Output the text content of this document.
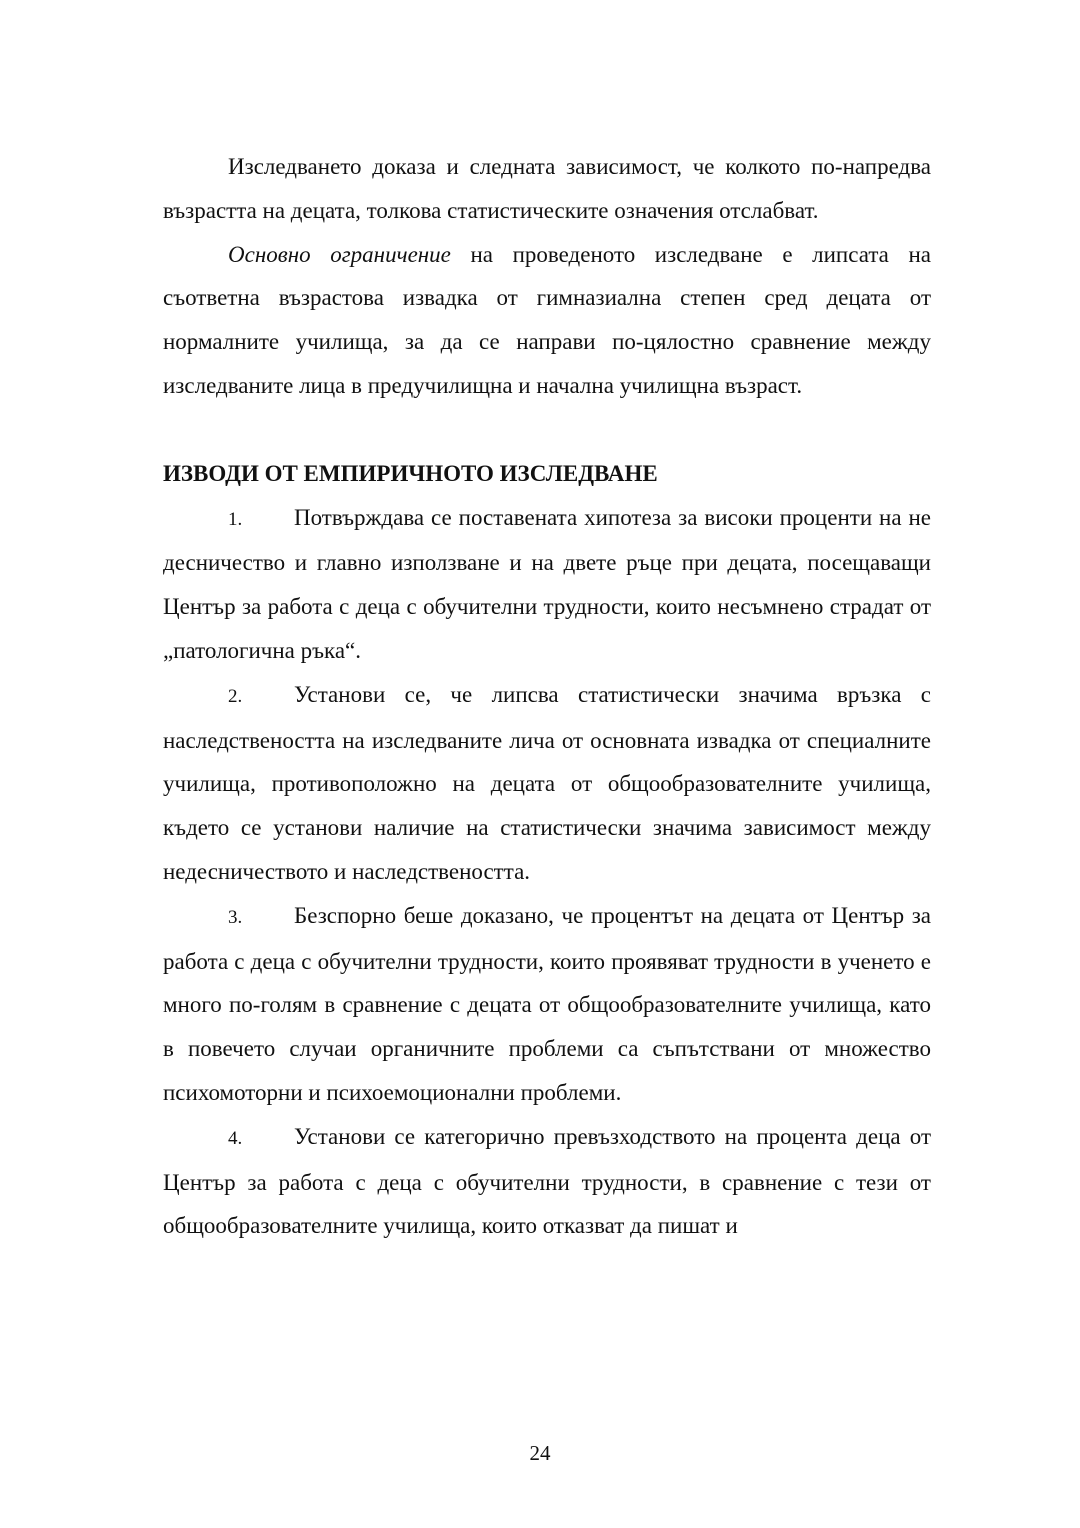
Изследването доказа и следната зависимост, че колкото по-напредва възрастта на децата, толкова статистическите означения отслабват.

Основно ограничение на проведеното изследване е липсата на съответна възрастова извадка от гимназиална степен сред децата от нормалните училища, за да се направи по-цялостно сравнение между изследваните лица в предучилищна и начална училищна възраст.

ИЗВОДИ ОТ ЕМПИРИЧНОТО ИЗСЛЕДВАНЕ

1. Потвърждава се поставената хипотеза за високи проценти на не десничество и главно използване и на двете ръце при децата, посещаващи Център за работа с деца с обучителни трудности, които несъмнено страдат от „патологична ръка“.

2. Установи се, че липсва статистически значима връзка с наследствеността на изследваните лича от основната извадка от специалните училища, противоположно на децата от общообразователните училища, където се установи наличие на статистически значима зависимост между недесничеството и наследствеността.

3. Безспорно беше доказано, че процентът на децата от Център за работа с деца с обучителни трудности, които проявяват трудности в ученето е много по-голям в сравнение с децата от общообразователните училища, като в повечето случаи органичните проблеми са съпътствани от множество психомоторни и психоемоционални проблеми.

4. Установи се категорично превъзходството на процента деца от Център за работа с деца с обучителни трудности, в сравнение с тези от общообразователните училища, които отказват да пишат и

24
